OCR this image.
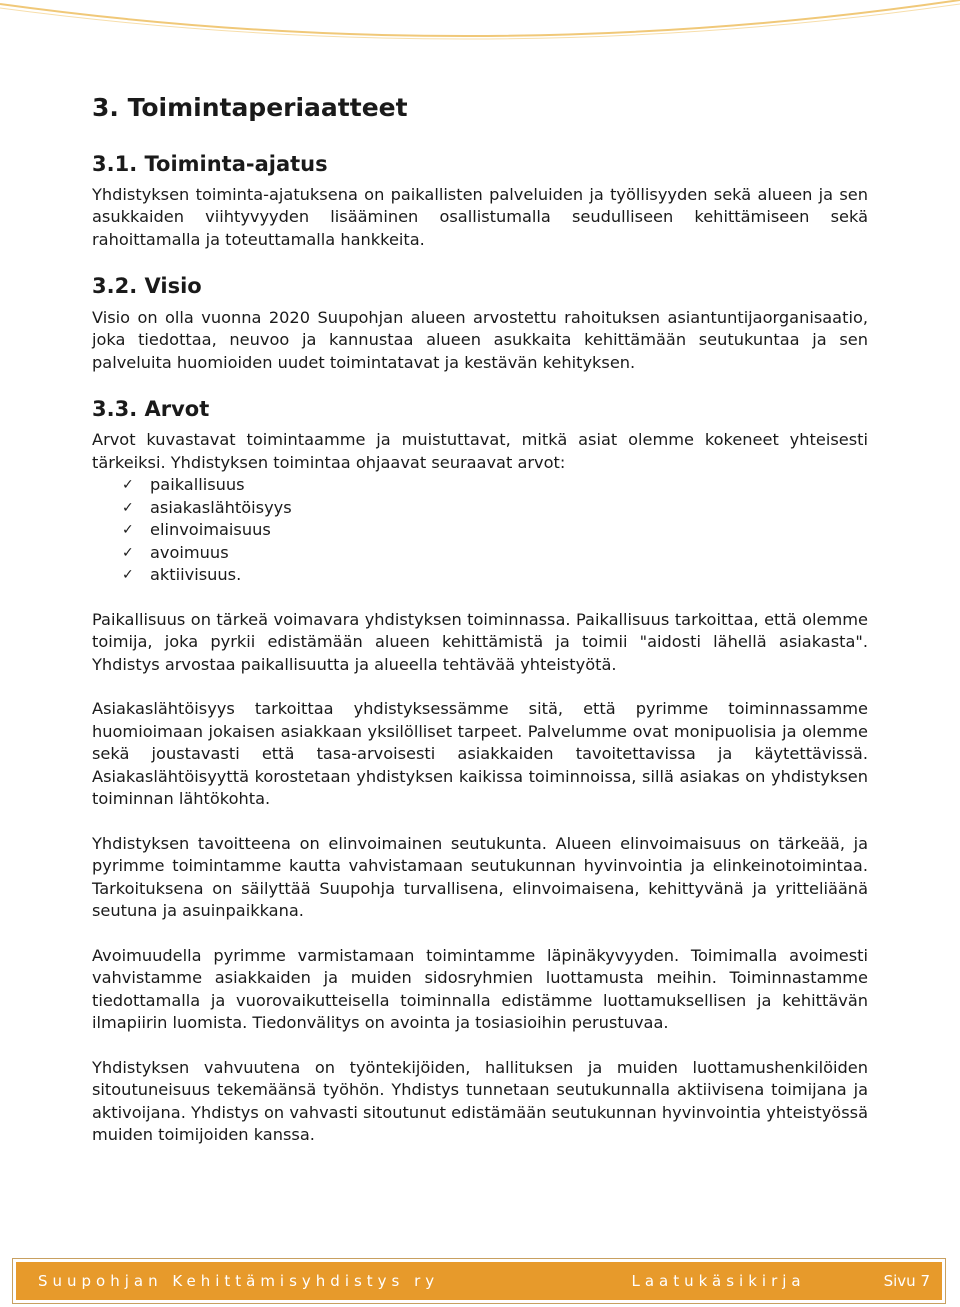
3. Toimintaperiaatteet
3.1. Toiminta-ajatus

Yhdistyksen toiminta-ajatuksena on paikallisten palveluiden ja työllisyyden sekä alueen ja sen asukkaiden viihtyvyyden lisääminen osallistumalla seudulliseen kehittämiseen sekä rahoittamalla ja toteuttamalla hankkeita.

3.2. Visio

Visio on olla vuonna 2020 Suupohjan alueen arvostettu rahoituksen asiantuntijaorganisaatio, joka tiedottaa, neuvoo ja kannustaa alueen asukkaita kehittämään seutukuntaa ja sen palveluita huomioiden uudet toimintatavat ja kestävän kehityksen.

3.3. Arvot

Arvot kuvastavat toimintaamme ja muistuttavat, mitkä asiat olemme kokeneet yhteisesti tärkeiksi. Yhdistyksen toimintaa ohjaavat seuraavat arvot:

✓ paikallisuus
✓ asiakaslähtöisyys
✓ elinvoimaisuus
✓ avoimuus
✓ aktiivisuus.

Paikallisuus on tärkeä voimavara yhdistyksen toiminnassa. Paikallisuus tarkoittaa, että olemme toimija, joka pyrkii edistämään alueen kehittämistä ja toimii "aidosti lähellä asiakasta". Yhdistys arvostaa paikallisuutta ja alueella tehtävää yhteistyötä.

Asiakaslähtöisyys tarkoittaa yhdistyksessämme sitä, että pyrimme toiminnassamme huomioimaan jokaisen asiakkaan yksilölliset tarpeet. Palvelumme ovat monipuolisia ja olemme sekä joustavasti että tasa-arvoisesti asiakkaiden tavoitettavissa ja käytettävissä. Asiakaslähtöisyyttä korostetaan yhdistyksen kaikissa toiminnoissa, sillä asiakas on yhdistyksen toiminnan lähtökohta.

Yhdistyksen tavoitteena on elinvoimainen seutukunta. Alueen elinvoimaisuus on tärkeää, ja pyrimme toimintamme kautta vahvistamaan seutukunnan hyvinvointia ja elinkeinotoimintaa. Tarkoituksena on säilyttää Suupohja turvallisena, elinvoimaisena, kehittyvänä ja yritteliäänä seutuna ja asuinpaikkana.

Avoimuudella pyrimme varmistamaan toimintamme läpinäkyvyyden. Toimimalla avoimesti vahvistamme asiakkaiden ja muiden sidosryhmien luottamusta meihin. Toiminnastamme tiedottamalla ja vuorovaikutteisella toiminnalla edistämme luottamuksellisen ja kehittävän ilmapiirin luomista. Tiedonvälitys on avointa ja tosiasioihin perustuvaa.

Yhdistyksen vahvuutena on työntekijöiden, hallituksen ja muiden luottamushenkilöiden sitoutuneisuus tekemäänsä työhön. Yhdistys tunnetaan seutukunnalla aktiivisena toimijana ja aktivoijana. Yhdistys on vahvasti sitoutunut edistämään seutukunnan hyvinvointia yhteistyössä muiden toimijoiden kanssa.

Suupohjan Kehittämisyhdistys ry	Laatukäsikirja	Sivu 7
